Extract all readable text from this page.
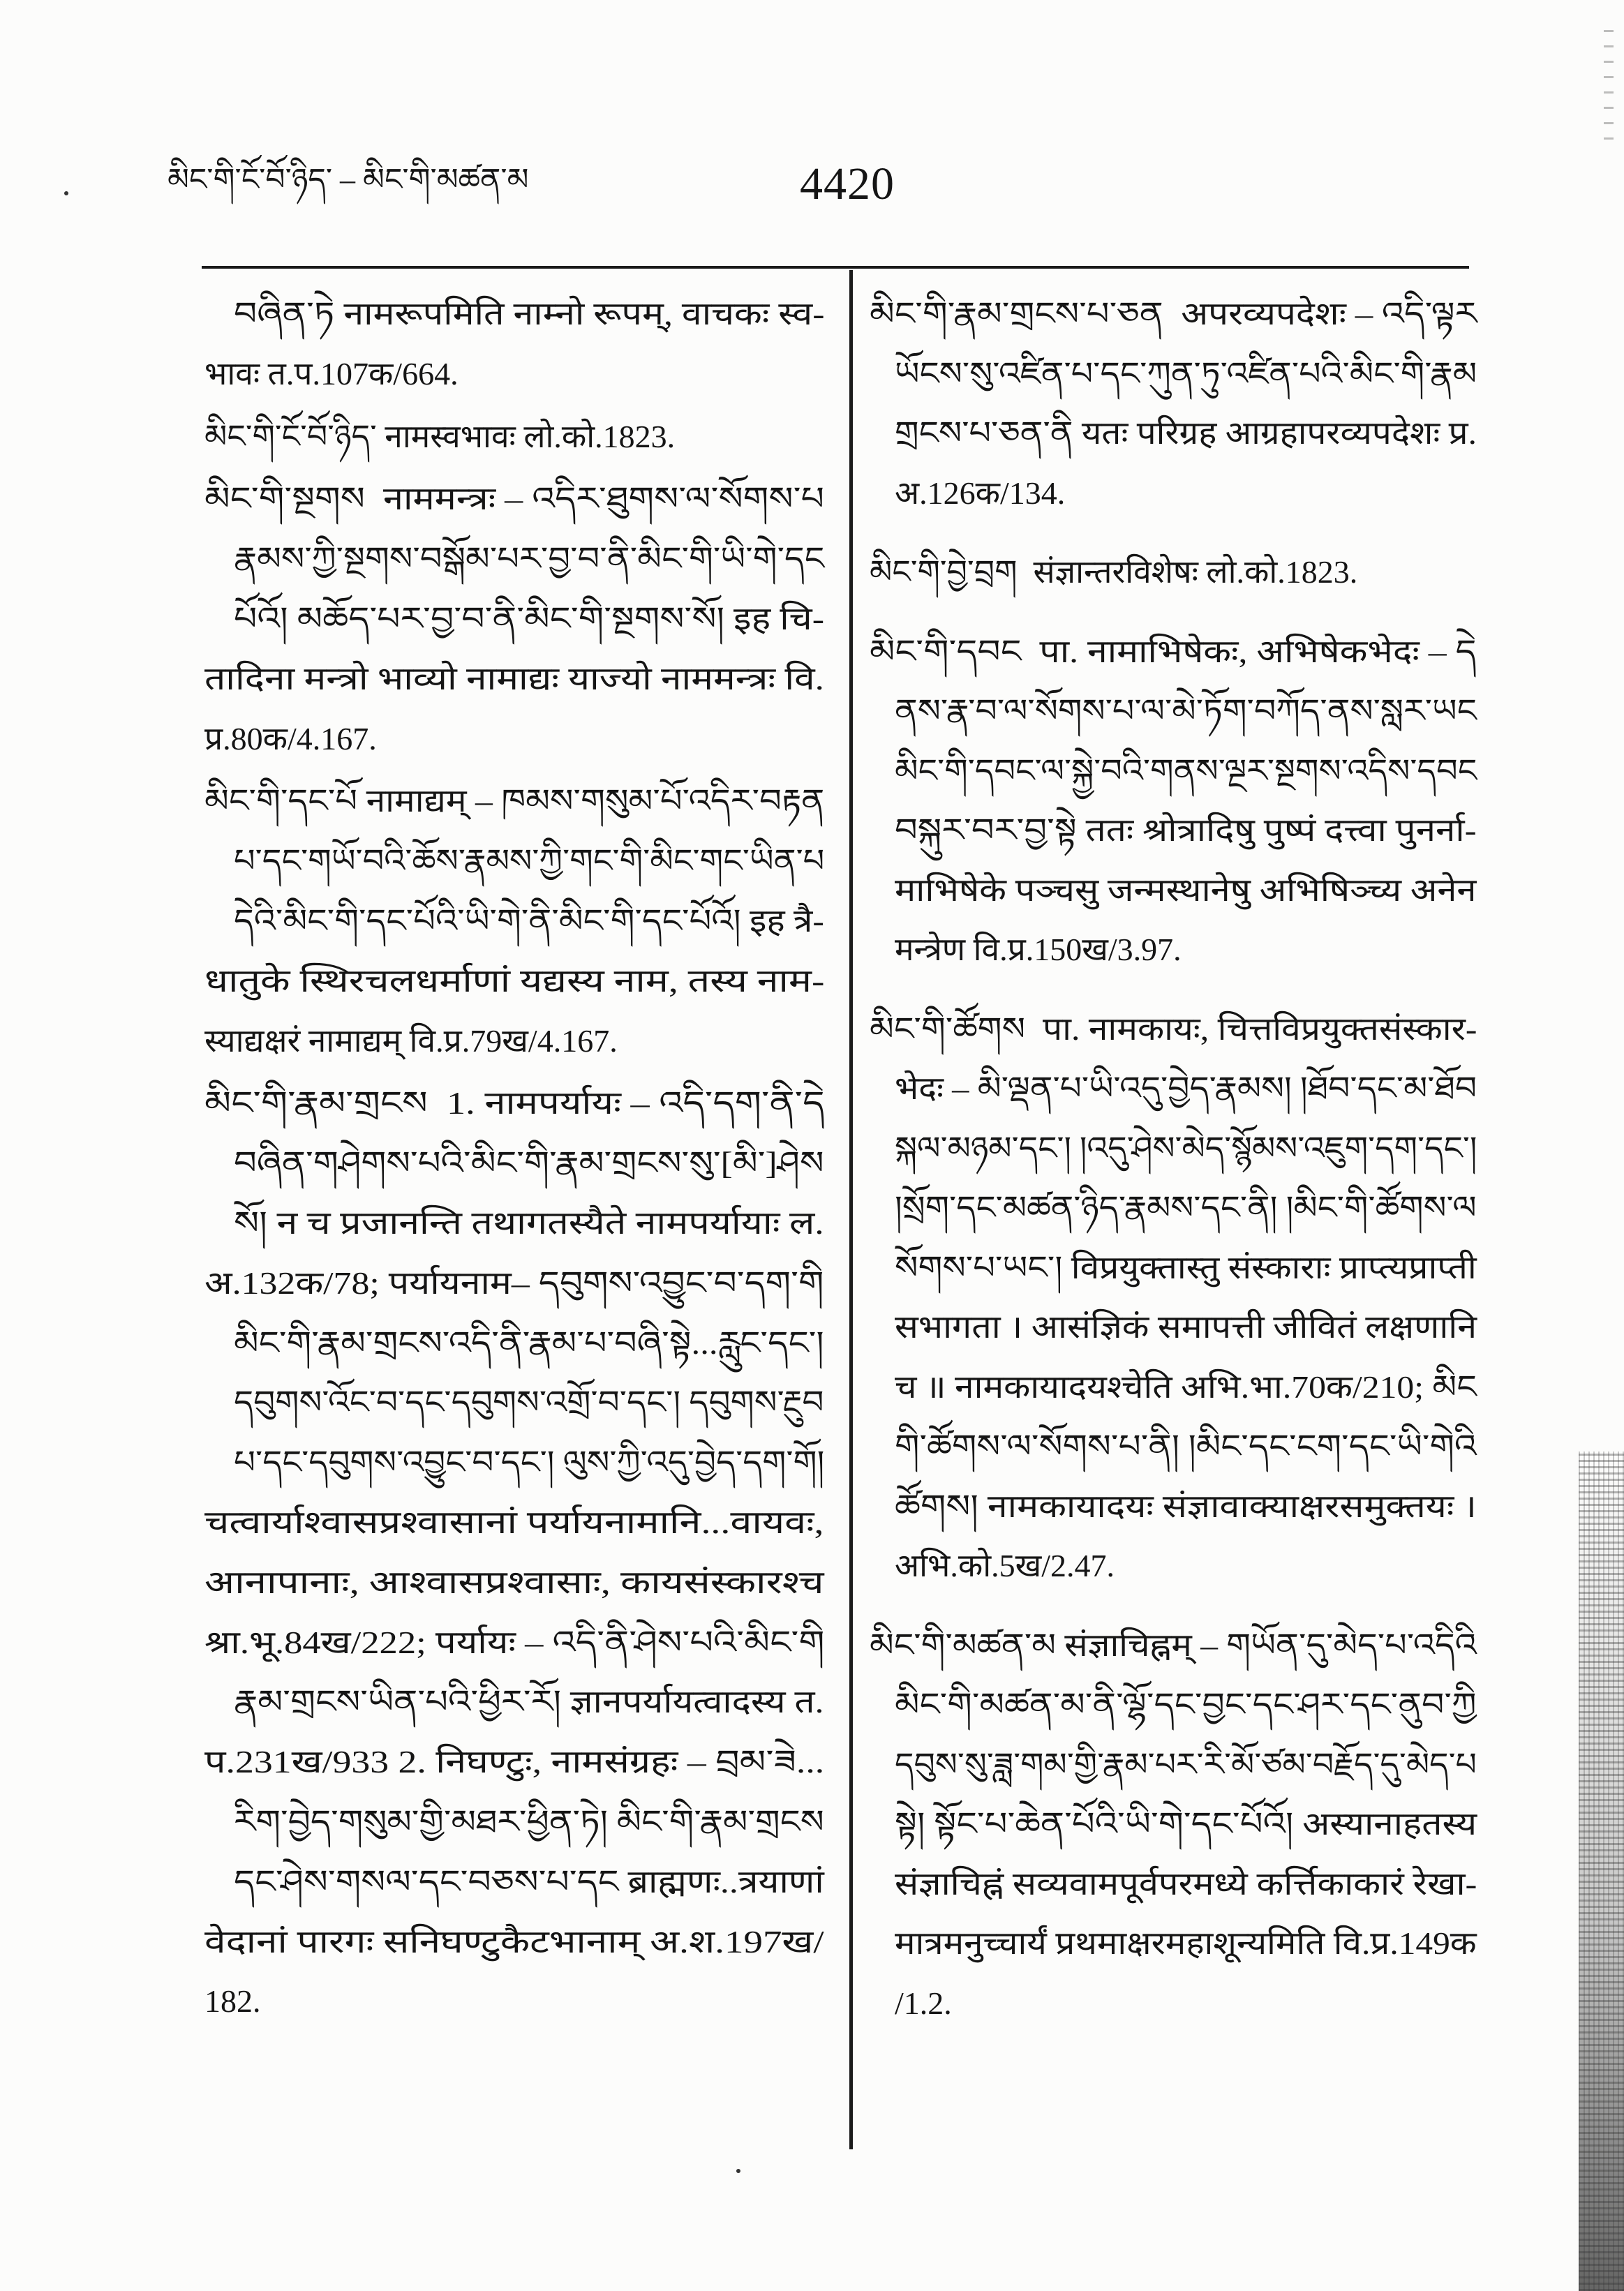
མིང་གི་ངོ་བོ་ཉིད་ – མིང་གི་མཚན་མ	4420
བཞིན་ཏེ नामरूपमिति नाम्नो रूपम्, वाचकः स्व-
भावः त.प.107क/664.
མིང་གི་ངོ་བོ་ཉིད་ नामस्वभावः लो.को.1823.
མིང་གི་སྔགས  नाममन्त्रः – འདིར་ཐུགས་ལ་སོགས་པ
རྣམས་ཀྱི་སྔགས་བསྒོམ་པར་བྱ་བ་ནི་མིང་གི་ཡི་གེ་དང
པོའོ། མཆོད་པར་བྱ་བ་ནི་མིང་གི་སྔགས་སོ། इह चि-
तादिना मन्त्रो भाव्यो नामाद्यः याज्यो नाममन्त्रः वि.
प्र.80क/4.167.
མིང་གི་དང་པོ नामाद्यम् – ཁམས་གསུམ་པོ་འདིར་བརྟན
པ་དང་གཡོ་བའི་ཆོས་རྣམས་ཀྱི་གང་གི་མིང་གང་ཡིན་པ
དེའི་མིང་གི་དང་པོའི་ཡི་གེ་ནི་མིང་གི་དང་པོའོ། इह त्रै-
धातुके स्थिरचलधर्माणां यद्यस्य नाम, तस्य नाम-
स्याद्यक्षरं नामाद्यम् वि.प्र.79ख/4.167.
མིང་གི་རྣམ་གྲངས  1. नामपर्यायः – འདི་དག་ནི་དེ
བཞིན་གཤེགས་པའི་མིང་གི་རྣམ་གྲངས་སུ་[མི་]ཤེས
སོ། न च प्रजानन्ति तथागतस्यैते नामपर्यायाः ल.
अ.132क/78; पर्यायनाम– དབུགས་འབྱུང་བ་དག་གི
མིང་གི་རྣམ་གྲངས་འདི་ནི་རྣམ་པ་བཞི་སྟེ...རླུང་དང་།
དབུགས་འོང་བ་དང་དབུགས་འགྲོ་བ་དང་། དབུགས་རྔུབ
པ་དང་དབུགས་འབྱུང་བ་དང་། ལུས་ཀྱི་འདུ་བྱེད་དག་གོ།
चत्वार्याश्वासप्रश्वासानां पर्यायनामानि...वायवः,
आनापानाः, आश्वासप्रश्वासाः, कायसंस्कारश्च
श्रा.भू.84ख/222; पर्यायः – འདི་ནི་ཤེས་པའི་མིང་གི
རྣམ་གྲངས་ཡིན་པའི་ཕྱིར་རོ། ज्ञानपर्यायत्वादस्य त.
प.231ख/933 2. निघण्टुः, नामसंग्रहः – བྲམ་ཟེ...
རིག་བྱེད་གསུམ་གྱི་མཐར་ཕྱིན་ཏེ། མིང་གི་རྣམ་གྲངས
དང་ཤེས་གསལ་དང་བཅས་པ་དང ब्राह्मणः..त्रयाणां
वेदानां पारगः सनिघण्टुकैटभानाम् अ.श.197ख/
182.
མིང་གི་རྣམ་གྲངས་པ་ཅན  अपरव्यपदेशः – འདི་ལྟར
ཡོངས་སུ་འཛིན་པ་དང་ཀུན་ཏུ་འཛིན་པའི་མིང་གི་རྣམ
གྲངས་པ་ཅན་ནི यतः परिग्रह आग्रहापरव्यपदेशः प्र.
अ.126क/134.
མིང་གི་བྱེ་བྲག  संज्ञान्तरविशेषः लो.को.1823.
མིང་གི་དབང  पा. नामाभिषेकः, अभिषेकभेदः – དེ
ནས་རྣ་བ་ལ་སོགས་པ་ལ་མེ་ཏོག་བཀོད་ནས་སླར་ཡང
མིང་གི་དབང་ལ་སྐྱེ་བའི་གནས་ལྔར་སྔགས་འདིས་དབང
བསྐུར་བར་བྱ་སྟེ ततः श्रोत्रादिषु पुष्पं दत्त्वा पुनर्ना-
माभिषेके पञ्चसु जन्मस्थानेषु अभिषिञ्च्य अनेन
मन्त्रेण वि.प्र.150ख/3.97.
མིང་གི་ཚོགས  पा. नामकायः, चित्तविप्रयुक्तसंस्कार-
भेदः – མི་ལྡན་པ་ཡི་འདུ་བྱེད་རྣམས། །ཐོབ་དང་མ་ཐོབ
སྐལ་མཉམ་དང་། །འདུ་ཤེས་མེད་སྙོམས་འཇུག་དག་དང་།
།སྲོག་དང་མཚན་ཉིད་རྣམས་དང་ནི། །མིང་གི་ཚོགས་ལ
སོགས་པ་ཡང་། विप्रयुक्तास्तु संस्काराः प्राप्त्यप्राप्ती
सभागता । आसंज्ञिकं समापत्ती जीवितं लक्षणानि
च ॥ नामकायादयश्चेति अभि.भा.70क/210; མིང
གི་ཚོགས་ལ་སོགས་པ་ནི། །མིང་དང་ངག་དང་ཡི་གེའི
ཚོགས། नामकायादयः संज्ञावाक्याक्षरसमुक्तयः ।
अभि.को.5ख/2.47.
མིང་གི་མཚན་མ संज्ञाचिह्नम् – གཡོན་དུ་མེད་པ་འདིའི
མིང་གི་མཚན་མ་ནི་ལྷོ་དང་བྱང་དང་ཤར་དང་ནུབ་ཀྱི
དབུས་སུ་ཟླ་གམ་གྱི་རྣམ་པར་རི་མོ་ཙམ་བརྗོད་དུ་མེད་པ
སྟེ། སྟོང་པ་ཆེན་པོའི་ཡི་གེ་དང་པོའོ། अस्यानाहतस्य
संज्ञाचिह्नं सव्यवामपूर्वपरमध्ये कर्त्तिकाकारं रेखा-
मात्रमनुच्चार्यं प्रथमाक्षरमहाशून्यमिति वि.प्र.149क
/1.2.
